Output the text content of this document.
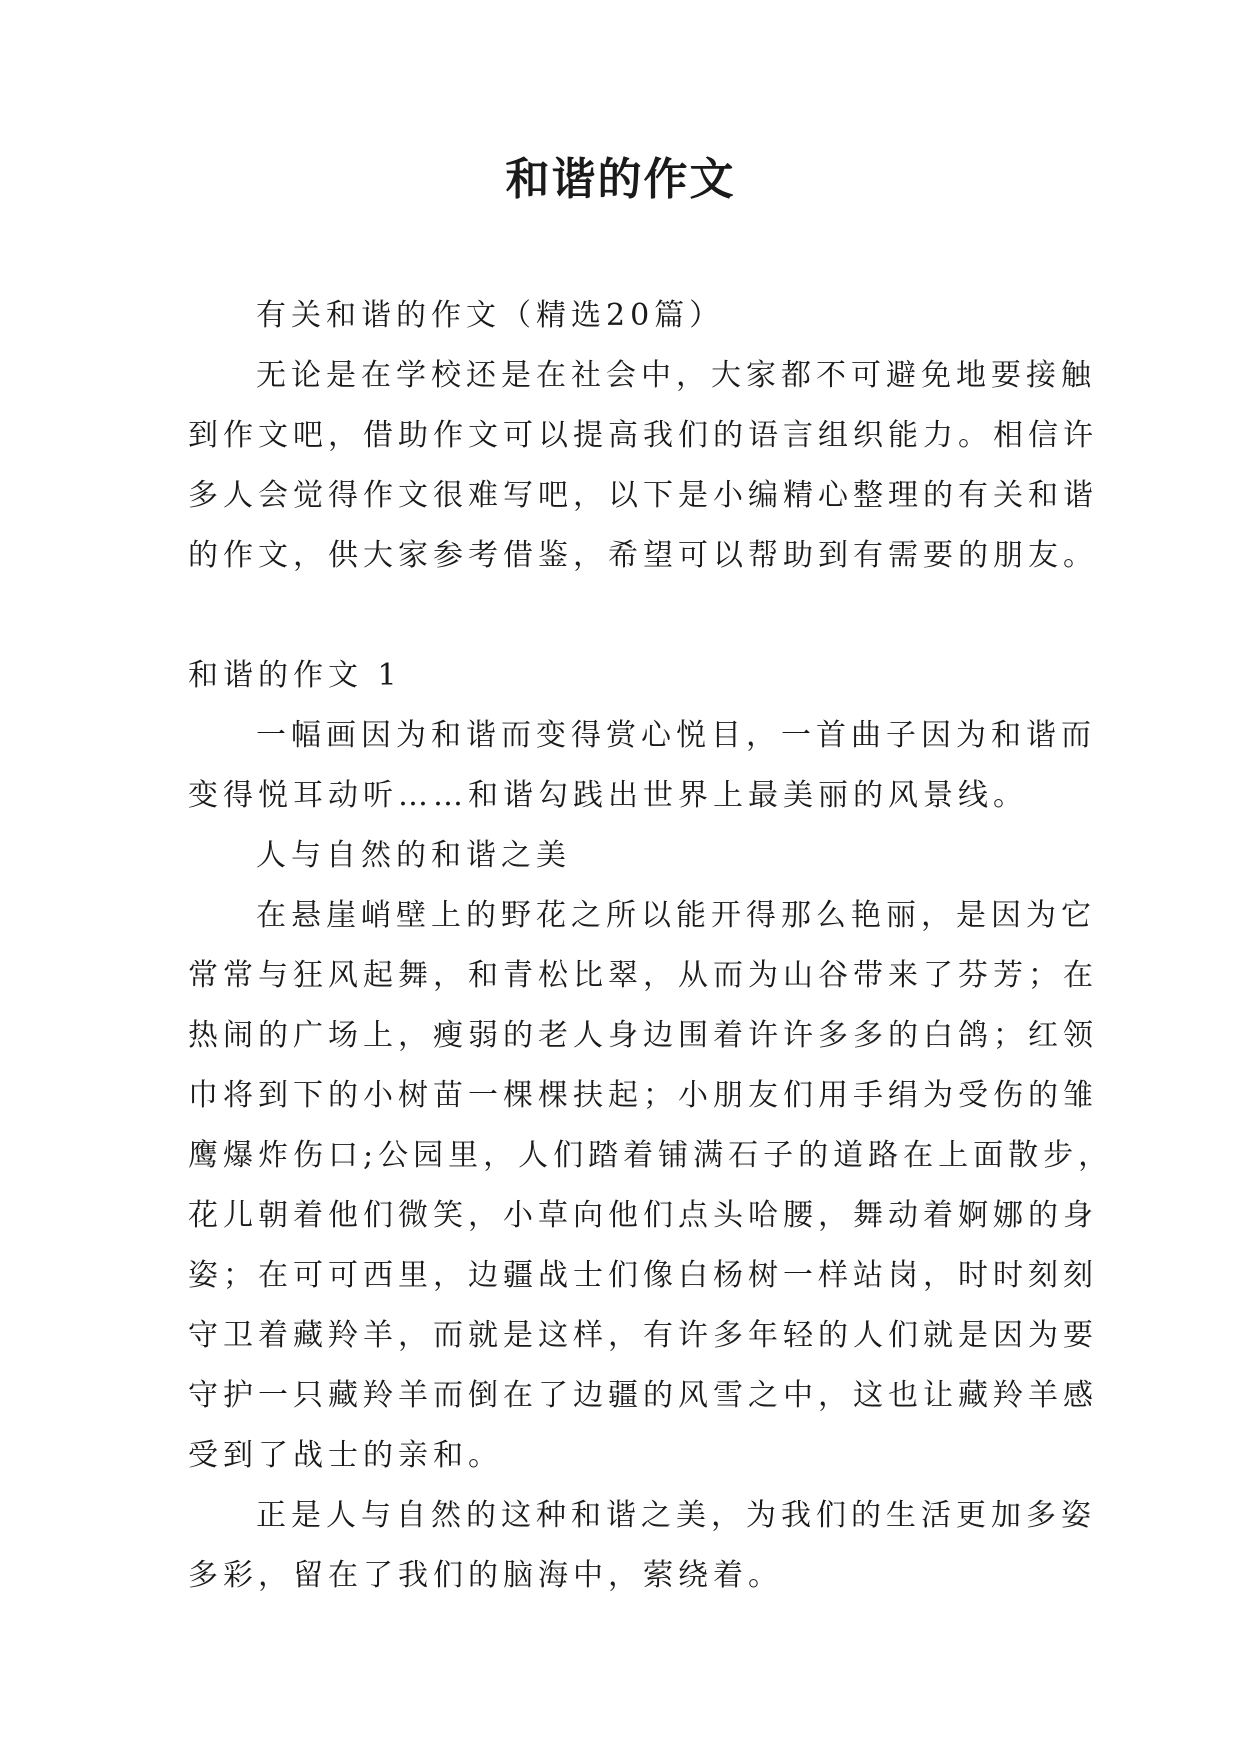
和谐的作文
有关和谐的作文（精选20篇）
无论是在学校还是在社会中，大家都不可避免地要接触
到作文吧，借助作文可以提高我们的语言组织能力。相信许
多人会觉得作文很难写吧，以下是小编精心整理的有关和谐
的作文，供大家参考借鉴，希望可以帮助到有需要的朋友。
和谐的作文 1
一幅画因为和谐而变得赏心悦目，一首曲子因为和谐而
变得悦耳动听……和谐勾践出世界上最美丽的风景线。
人与自然的和谐之美
在悬崖峭壁上的野花之所以能开得那么艳丽，是因为它
常常与狂风起舞，和青松比翠，从而为山谷带来了芬芳；在
热闹的广场上，瘦弱的老人身边围着许许多多的白鸽；红领
巾将到下的小树苗一棵棵扶起；小朋友们用手绢为受伤的雏
鹰爆炸伤口;公园里，人们踏着铺满石子的道路在上面散步，
花儿朝着他们微笑，小草向他们点头哈腰，舞动着婀娜的身
姿；在可可西里，边疆战士们像白杨树一样站岗，时时刻刻
守卫着藏羚羊，而就是这样，有许多年轻的人们就是因为要
守护一只藏羚羊而倒在了边疆的风雪之中，这也让藏羚羊感
受到了战士的亲和。
正是人与自然的这种和谐之美，为我们的生活更加多姿
多彩，留在了我们的脑海中，萦绕着。
